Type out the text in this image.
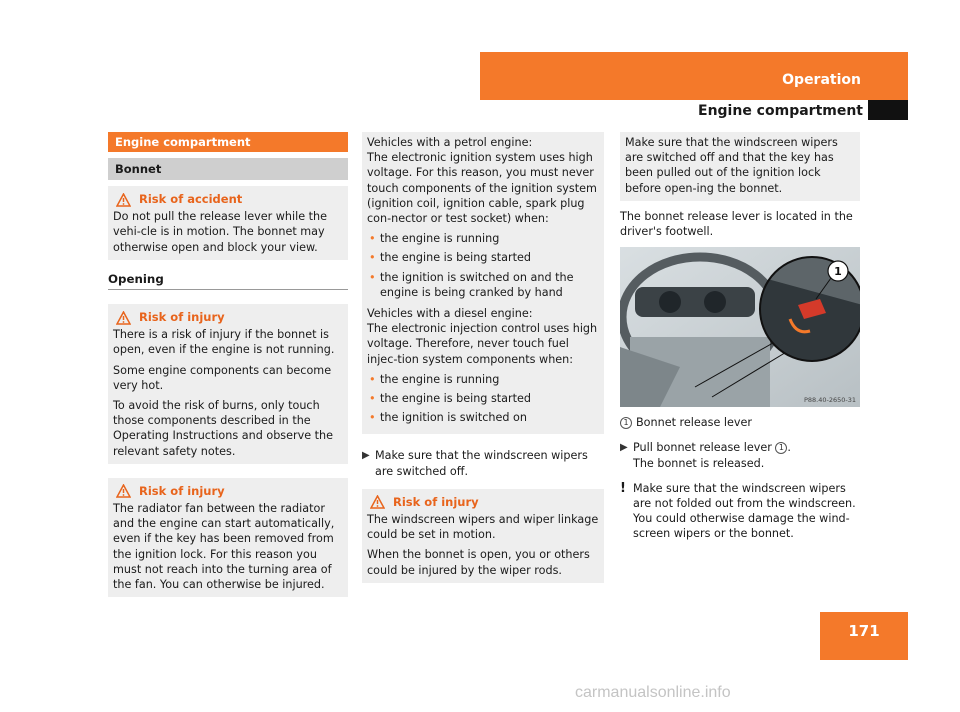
Operation
Engine compartment
Engine compartment
Bonnet
Risk of accident

Do not pull the release lever while the vehi-cle is in motion. The bonnet may otherwise open and block your view.

Opening
Risk of injury

There is a risk of injury if the bonnet is open, even if the engine is not running.

Some engine components can become very hot.

To avoid the risk of burns, only touch those components described in the Operating Instructions and observe the relevant safety notes.

Risk of injury

The radiator fan between the radiator and the engine can start automatically, even if the key has been removed from the ignition lock. For this reason you must not reach into the turning area of the fan. You can otherwise be injured.

Vehicles with a petrol engine:
The electronic ignition system uses high voltage. For this reason, you must never touch components of the ignition system (ignition coil, ignition cable, spark plug con-nector or test socket) when:

• the engine is running
• the engine is being started
• the ignition is switched on and the engine is being cranked by hand

Vehicles with a diesel engine:
The electronic injection control uses high voltage. Therefore, never touch fuel injec-tion system components when:

• the engine is running
• the engine is being started
• the ignition is switched on
▶ Make sure that the windscreen wipers are switched off.
Risk of injury

The windscreen wipers and wiper linkage could be set in motion.

When the bonnet is open, you or others could be injured by the wiper rods.

Make sure that the windscreen wipers are switched off and that the key has been pulled out of the ignition lock before open-ing the bonnet.

The bonnet release lever is located in the driver's footwell.

1
P88.40-2650-31
1 Bonnet release lever
▶ Pull bonnet release lever 1 .
The bonnet is released.
! Make sure that the windscreen wipers are not folded out from the windscreen. You could otherwise damage the wind-screen wipers or the bonnet.
171
carmanualsonline.info
